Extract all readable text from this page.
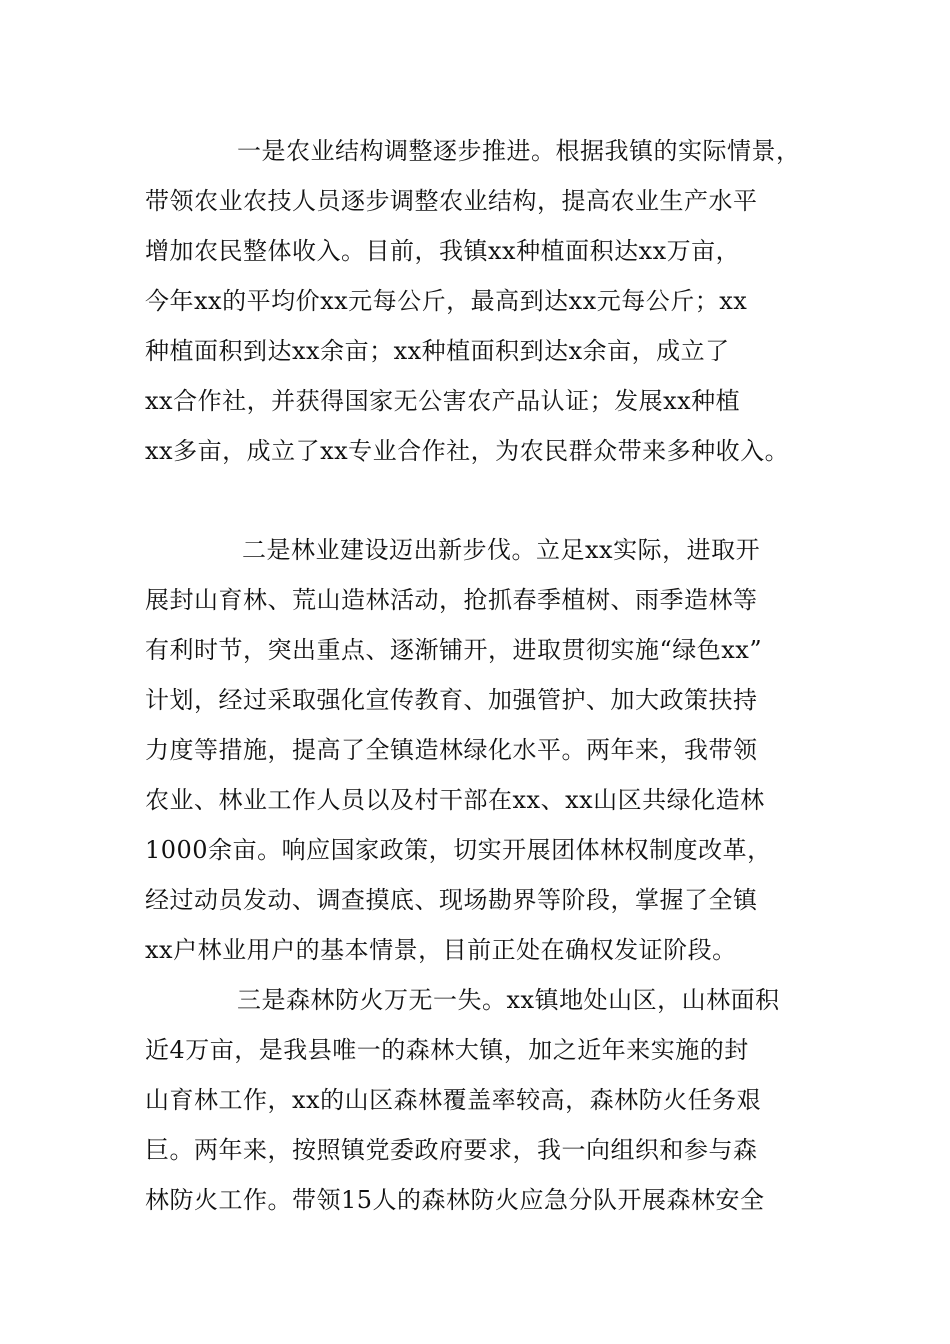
一是农业结构调整逐步推进。根据我镇的实际情景，
带领农业农技人员逐步调整农业结构，提高农业生产水平
增加农民整体收入。目前，我镇xx种植面积达xx万亩，
今年xx的平均价xx元每公斤，最高到达xx元每公斤；xx
种植面积到达xx余亩；xx种植面积到达x余亩，成立了
xx合作社，并获得国家无公害农产品认证；发展xx种植
xx多亩，成立了xx专业合作社，为农民群众带来多种收入。
二是林业建设迈出新步伐。立足xx实际，进取开
展封山育林、荒山造林活动，抢抓春季植树、雨季造林等
有利时节，突出重点、逐渐铺开，进取贯彻实施“绿色xx”
计划，经过采取强化宣传教育、加强管护、加大政策扶持
力度等措施，提高了全镇造林绿化水平。两年来，我带领
农业、林业工作人员以及村干部在xx、xx山区共绿化造林
1000余亩。响应国家政策，切实开展团体林权制度改革，
经过动员发动、调查摸底、现场勘界等阶段，掌握了全镇
xx户林业用户的基本情景，目前正处在确权发证阶段。
三是森林防火万无一失。xx镇地处山区，山林面积
近4万亩，是我县唯一的森林大镇，加之近年来实施的封
山育林工作，xx的山区森林覆盖率较高，森林防火任务艰
巨。两年来，按照镇党委政府要求，我一向组织和参与森
林防火工作。带领15人的森林防火应急分队开展森林安全
